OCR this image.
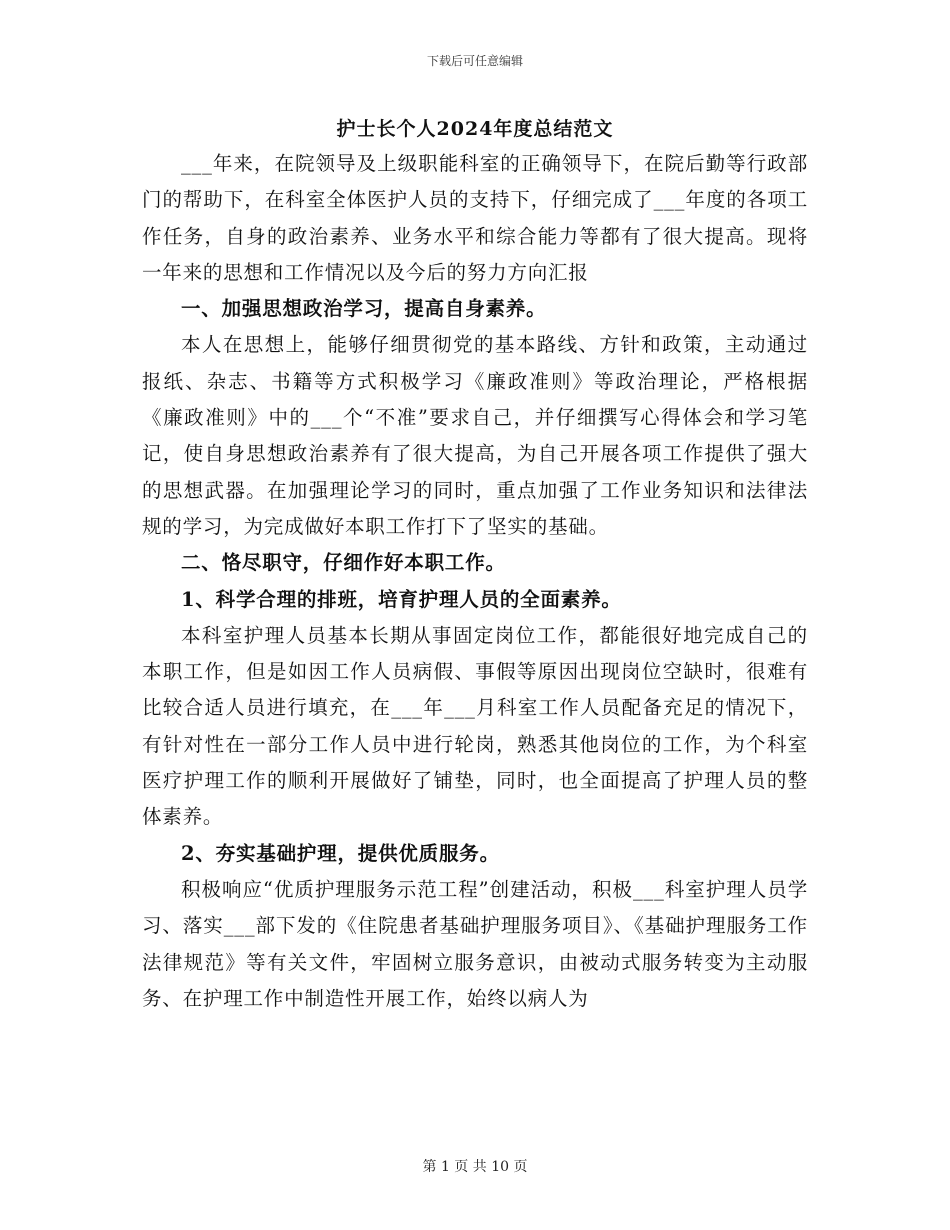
下载后可任意编辑
护士长个人2024年度总结范文

___年来，在院领导及上级职能科室的正确领导下，在院后勤等行政部门的帮助下，在科室全体医护人员的支持下，仔细完成了___年度的各项工作任务，自身的政治素养、业务水平和综合能力等都有了很大提高。现将一年来的思想和工作情况以及今后的努力方向汇报

一、加强思想政治学习，提高自身素养。

本人在思想上，能够仔细贯彻党的基本路线、方针和政策，主动通过报纸、杂志、书籍等方式积极学习《廉政准则》等政治理论，严格根据《廉政准则》中的___个“不准”要求自己，并仔细撰写心得体会和学习笔记，使自身思想政治素养有了很大提高，为自己开展各项工作提供了强大的思想武器。在加强理论学习的同时，重点加强了工作业务知识和法律法规的学习，为完成做好本职工作打下了坚实的基础。

二、恪尽职守，仔细作好本职工作。

1、科学合理的排班，培育护理人员的全面素养。

本科室护理人员基本长期从事固定岗位工作，都能很好地完成自己的本职工作，但是如因工作人员病假、事假等原因出现岗位空缺时，很难有比较合适人员进行填充，在___年___月科室工作人员配备充足的情况下，有针对性在一部分工作人员中进行轮岗，熟悉其他岗位的工作，为个科室医疗护理工作的顺利开展做好了铺垫，同时，也全面提高了护理人员的整体素养。

2、夯实基础护理，提供优质服务。

积极响应“优质护理服务示范工程”创建活动，积极___科室护理人员学习、落实___部下发的《住院患者基础护理服务项目》、《基础护理服务工作法律规范》等有关文件，牢固树立服务意识，由被动式服务转变为主动服务、在护理工作中制造性开展工作，始终以病人为

第 1 页 共 10 页
